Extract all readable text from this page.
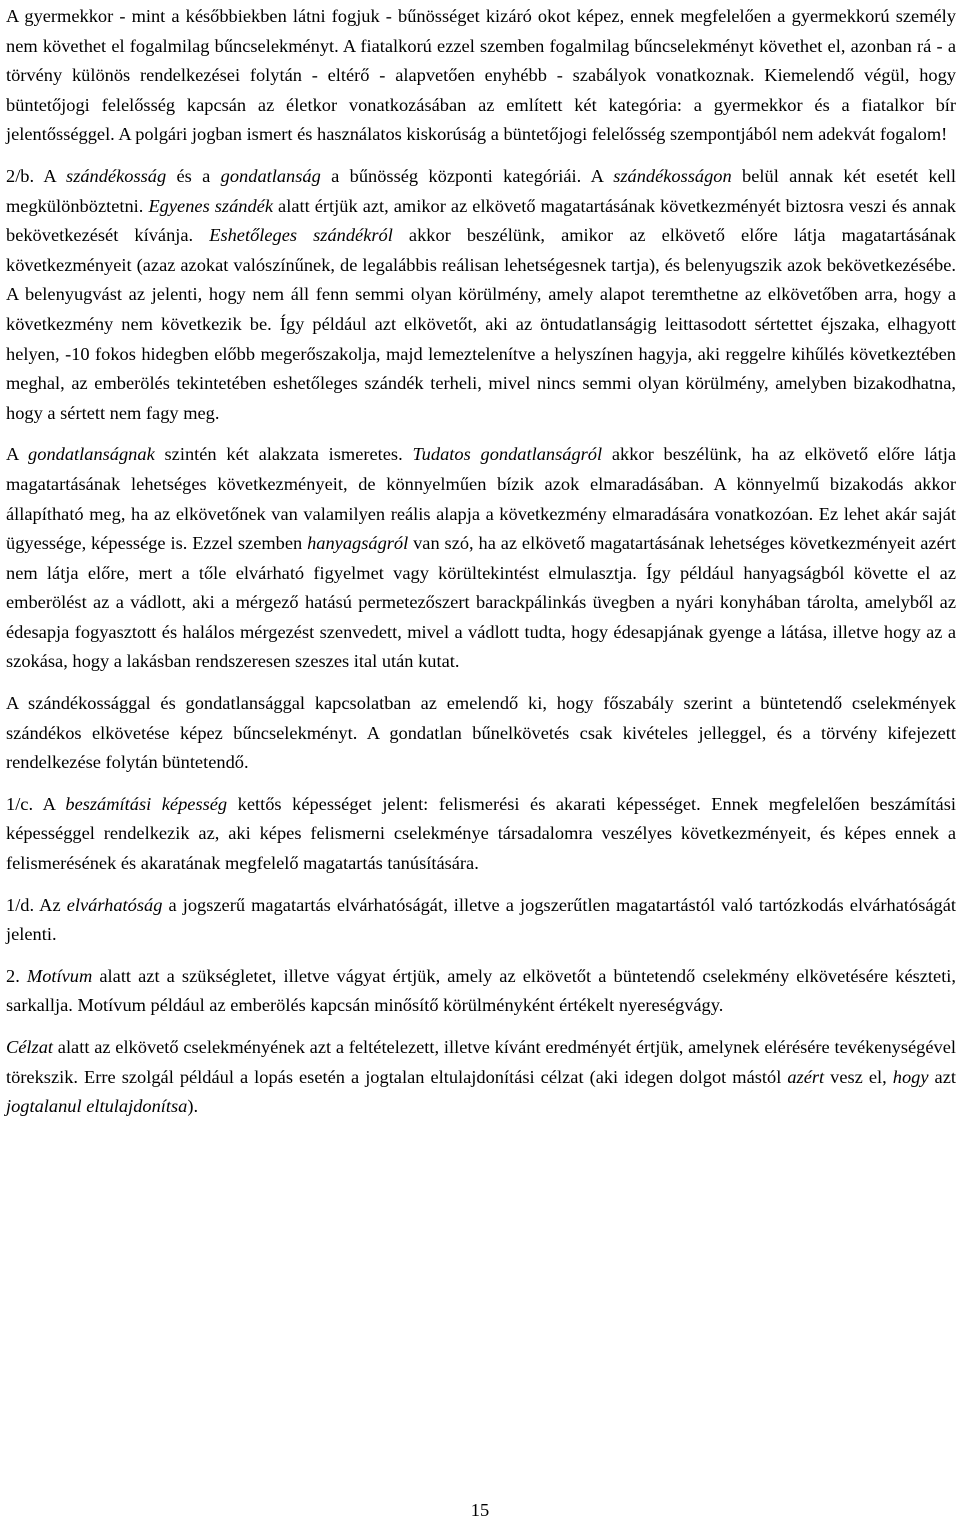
A gyermekkor - mint a későbbiekben látni fogjuk - bűnösséget kizáró okot képez, ennek megfelelően a gyermekkorú személy nem követhet el fogalmilag bűncselekményt. A fiatalkorú ezzel szemben fogalmilag bűncselekményt követhet el, azonban rá - a törvény különös rendelkezései folytán - eltérő - alapvetően enyhébb - szabályok vonatkoznak. Kiemelendő végül, hogy büntetőjogi felelősség kapcsán az életkor vonatkozásában az említett két kategória: a gyermekkor és a fiatalkor bír jelentősséggel. A polgári jogban ismert és használatos kiskorúság a büntetőjogi felelősség szempontjából nem adekvát fogalom!

2/b. A szándékosság és a gondatlanság a bűnösség központi kategóriái. A szándékosságon belül annak két esetét kell megkülönböztetni. Egyenes szándék alatt értjük azt, amikor az elkövető magatartásának következményét biztosra veszi és annak bekövetkezését kívánja. Eshetőleges szándékról akkor beszélünk, amikor az elkövető előre látja magatartásának következményeit (azaz azokat valószínűnek, de legalábbis reálisan lehetségesnek tartja), és belenyugszik azok bekövetkezésébe. A belenyugvást az jelenti, hogy nem áll fenn semmi olyan körülmény, amely alapot teremthetne az elkövetőben arra, hogy a következmény nem következik be. Így például azt elkövetőt, aki az öntudatlanságig leittasodott sértettet éjszaka, elhagyott helyen, -10 fokos hidegben előbb megerőszakolja, majd lemeztelenítve a helyszínen hagyja, aki reggelre kihűlés következtében meghal, az emberölés tekintetében eshetőleges szándék terheli, mivel nincs semmi olyan körülmény, amelyben bizakodhatna, hogy a sértett nem fagy meg.

A gondatlanságnak szintén két alakzata ismeretes. Tudatos gondatlanságról akkor beszélünk, ha az elkövető előre látja magatartásának lehetséges következményeit, de könnyelműen bízik azok elmaradásában. A könnyelmű bizakodás akkor állapítható meg, ha az elkövetőnek van valamilyen reális alapja a következmény elmaradására vonatkozóan. Ez lehet akár saját ügyessége, képessége is. Ezzel szemben hanyagságról van szó, ha az elkövető magatartásának lehetséges következményeit azért nem látja előre, mert a tőle elvárható figyelmet vagy körültekintést elmulasztja. Így például hanyagságból követte el az emberölést az a vádlott, aki a mérgező hatású permetezőszert barackpálinkás üvegben a nyári konyhában tárolta, amelyből az édesapja fogyasztott és halálos mérgezést szenvedett, mivel a vádlott tudta, hogy édesapjának gyenge a látása, illetve hogy az a szokása, hogy a lakásban rendszeresen szeszes ital után kutat.

A szándékossággal és gondatlansággal kapcsolatban az emelendő ki, hogy főszabály szerint a büntetendő cselekmények szándékos elkövetése képez bűncselekményt. A gondatlan bűnelkövetés csak kivételes jelleggel, és a törvény kifejezett rendelkezése folytán büntetendő.

1/c. A beszámítási képesség kettős képességet jelent: felismerési és akarati képességet. Ennek megfelelően beszámítási képességgel rendelkezik az, aki képes felismerni cselekménye társadalomra veszélyes következményeit, és képes ennek a felismerésének és akaratának megfelelő magatartás tanúsítására.

1/d. Az elvárhatóság a jogszerű magatartás elvárhatóságát, illetve a jogszerűtlen magatartástól való tartózkodás elvárhatóságát jelenti.

2. Motívum alatt azt a szükségletet, illetve vágyat értjük, amely az elkövetőt a büntetendő cselekmény elkövetésére készteti, sarkallja. Motívum például az emberölés kapcsán minősítő körülményként értékelt nyereségvágy.

Célzat alatt az elkövető cselekményének azt a feltételezett, illetve kívánt eredményét értjük, amelynek elérésére tevékenységével törekszik. Erre szolgál például a lopás esetén a jogtalan eltulajdonítási célzat (aki idegen dolgot mástól azért vesz el, hogy azt jogtalanul eltulajdonítsa).

15
